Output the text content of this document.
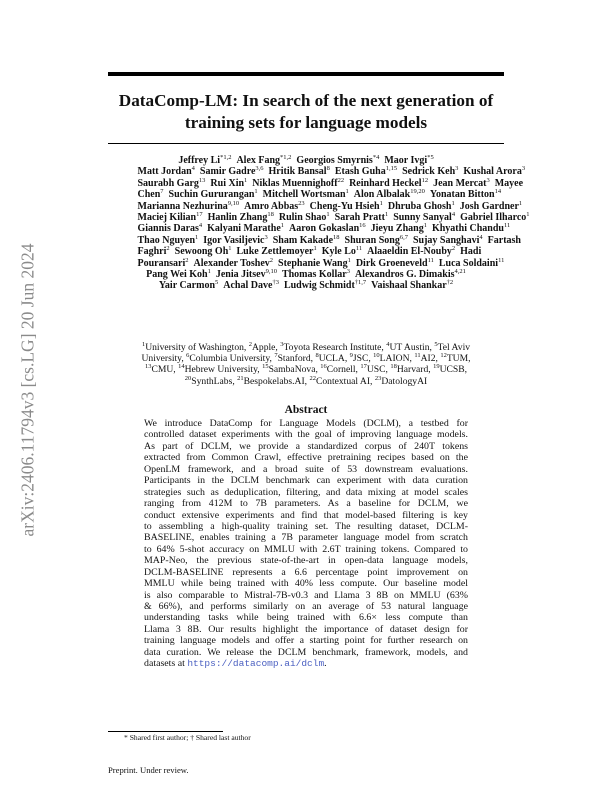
arXiv:2406.11794v3 [cs.LG] 20 Jun 2024
DataComp-LM: In search of the next generation of
training sets for language models
Jeffrey Li$^{*1,2}$ Alex Fang$^{*1,2}$ Georgios Smyrnis$^{*4}$ Maor Ivgi$^{*5}$
Matt Jordan$^4$ Samir Gadre$^{3,6}$ Hritik Bansal$^8$ Etash Guha$^{1,15}$ Sedrick Keh$^3$ Kushal Arora$^3$
Saurabh Garg$^{13}$ Rui Xin$^1$ Niklas Muennighoff$^{22}$ Reinhard Heckel$^{12}$ Jean Mercat$^3$ Mayee
Chen$^7$ Suchin Gururangan$^1$ Mitchell Wortsman$^1$ Alon Albalak$^{19,20}$ Yonatan Bitton$^{14}$
Marianna Nezhurina$^{9,10}$ Amro Abbas$^{23}$ Cheng-Yu Hsieh$^1$ Dhruba Ghosh$^1$ Josh Gardner$^1$
Maciej Kilian$^{17}$ Hanlin Zhang$^{18}$ Rulin Shao$^1$ Sarah Pratt$^1$ Sunny Sanyal$^4$ Gabriel Ilharco$^1$
Giannis Daras$^4$ Kalyani Marathe$^1$ Aaron Gokaslan$^{16}$ Jieyu Zhang$^1$ Khyathi Chandu$^{11}$
Thao Nguyen$^1$ Igor Vasiljevic$^3$ Sham Kakade$^{18}$ Shuran Song$^{6,7}$ Sujay Sanghavi$^4$ Fartash
Faghri$^2$ Sewoong Oh$^1$ Luke Zettlemoyer$^1$ Kyle Lo$^{11}$ Alaaeldin El-Nouby$^2$ Hadi
Pouransari$^2$ Alexander Toshev$^2$ Stephanie Wang$^1$ Dirk Groeneveld$^{11}$ Luca Soldaini$^{11}$
Pang Wei Koh$^1$ Jenia Jitsev$^{9,10}$ Thomas Kollar$^3$ Alexandros G. Dimakis$^{4,21}$
Yair Carmon$^5$ Achal Dave$^{\dagger 3}$ Ludwig Schmidt$^{\dagger 1,7}$ Vaishaal Shankar$^{\dagger 2}$
$^1$University of Washington, $^2$Apple, $^3$Toyota Research Institute, $^4$UT Austin, $^5$Tel Aviv
University, $^6$Columbia University, $^7$Stanford, $^8$UCLA, $^9$JSC, $^{10}$LAION, $^{11}$AI2, $^{12}$TUM,
$^{13}$CMU, $^{14}$Hebrew University, $^{15}$SambaNova, $^{16}$Cornell, $^{17}$USC, $^{18}$Harvard, $^{19}$UCSB,
$^{20}$SynthLabs, $^{21}$Bespokelabs.AI, $^{22}$Contextual AI, $^{23}$DatologyAI
Abstract
We introduce DataComp for Language Models (DCLM), a testbed for
controlled dataset experiments with the goal of improving language models.
As part of DCLM, we provide a standardized corpus of 240T tokens
extracted from Common Crawl, effective pretraining recipes based on the
OpenLM framework, and a broad suite of 53 downstream evaluations.
Participants in the DCLM benchmark can experiment with data curation
strategies such as deduplication, filtering, and data mixing at model scales
ranging from 412M to 7B parameters. As a baseline for DCLM, we
conduct extensive experiments and find that model-based filtering is key
to assembling a high-quality training set. The resulting dataset, DCLM-
BASELINE, enables training a 7B parameter language model from scratch
to 64% 5-shot accuracy on MMLU with 2.6T training tokens. Compared to
MAP-Neo, the previous state-of-the-art in open-data language models,
DCLM-BASELINE represents a 6.6 percentage point improvement on
MMLU while being trained with 40% less compute. Our baseline model
is also comparable to Mistral-7B-v0.3 and Llama 3 8B on MMLU (63%
& 66%), and performs similarly on an average of 53 natural language
understanding tasks while being trained with 6.6× less compute than
Llama 3 8B. Our results highlight the importance of dataset design for
training language models and offer a starting point for further research on
data curation. We release the DCLM benchmark, framework, models, and
datasets at https://datacomp.ai/dclm.
* Shared first author; † Shared last author
Preprint. Under review.
